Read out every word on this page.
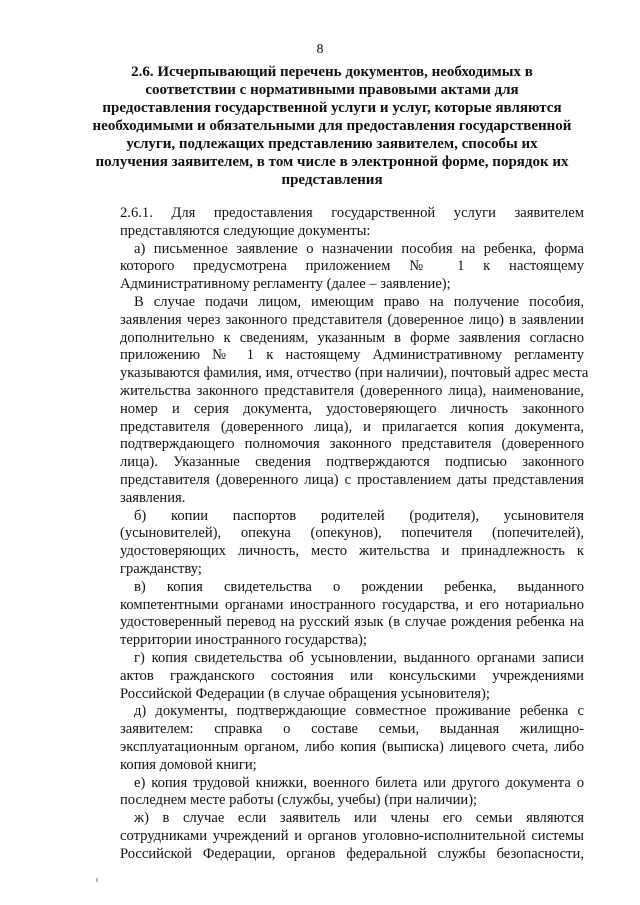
8
2.6. Исчерпывающий перечень документов, необходимых в
соответствии с нормативными правовыми актами для
предоставления государственной услуги и услуг, которые являются
необходимыми и обязательными для предоставления государственной
услуги, подлежащих представлению заявителем, способы их
получения заявителем, в том числе в электронной форме, порядок их
представления
2.6.1. Для предоставления государственной услуги заявителем
представляются следующие документы:
а) письменное заявление о назначении пособия на ребенка, форма
которого предусмотрена приложением № 1 к настоящему
Административному регламенту (далее – заявление);
В случае подачи лицом, имеющим право на получение пособия,
заявления через законного представителя (доверенное лицо) в заявлении
дополнительно к сведениям, указанным в форме заявления согласно
приложению № 1 к настоящему Административному регламенту
указываются фамилия, имя, отчество (при наличии), почтовый адрес места
жительства законного представителя (доверенного лица), наименование,
номер и серия документа, удостоверяющего личность законного
представителя (доверенного лица), и прилагается копия документа,
подтверждающего полномочия законного представителя (доверенного
лица). Указанные сведения подтверждаются подписью законного
представителя (доверенного лица) с проставлением даты представления
заявления.
б) копии паспортов родителей (родителя), усыновителя
(усыновителей), опекуна (опекунов), попечителя (попечителей),
удостоверяющих личность, место жительства и принадлежность к
гражданству;
в) копия свидетельства о рождении ребенка, выданного
компетентными органами иностранного государства, и его нотариально
удостоверенный перевод на русский язык (в случае рождения ребенка на
территории иностранного государства);
г) копия свидетельства об усыновлении, выданного органами записи
актов гражданского состояния или консульскими учреждениями
Российской Федерации (в случае обращения усыновителя);
д) документы, подтверждающие совместное проживание ребенка с
заявителем: справка о составе семьи, выданная жилищно-
эксплуатационным органом, либо копия (выписка) лицевого счета, либо
копия домовой книги;
е) копия трудовой книжки, военного билета или другого документа о
последнем месте работы (службы, учебы) (при наличии);
ж) в случае если заявитель или члены его семьи являются
сотрудниками учреждений и органов уголовно-исполнительной системы
Российской Федерации, органов федеральной службы безопасности,
